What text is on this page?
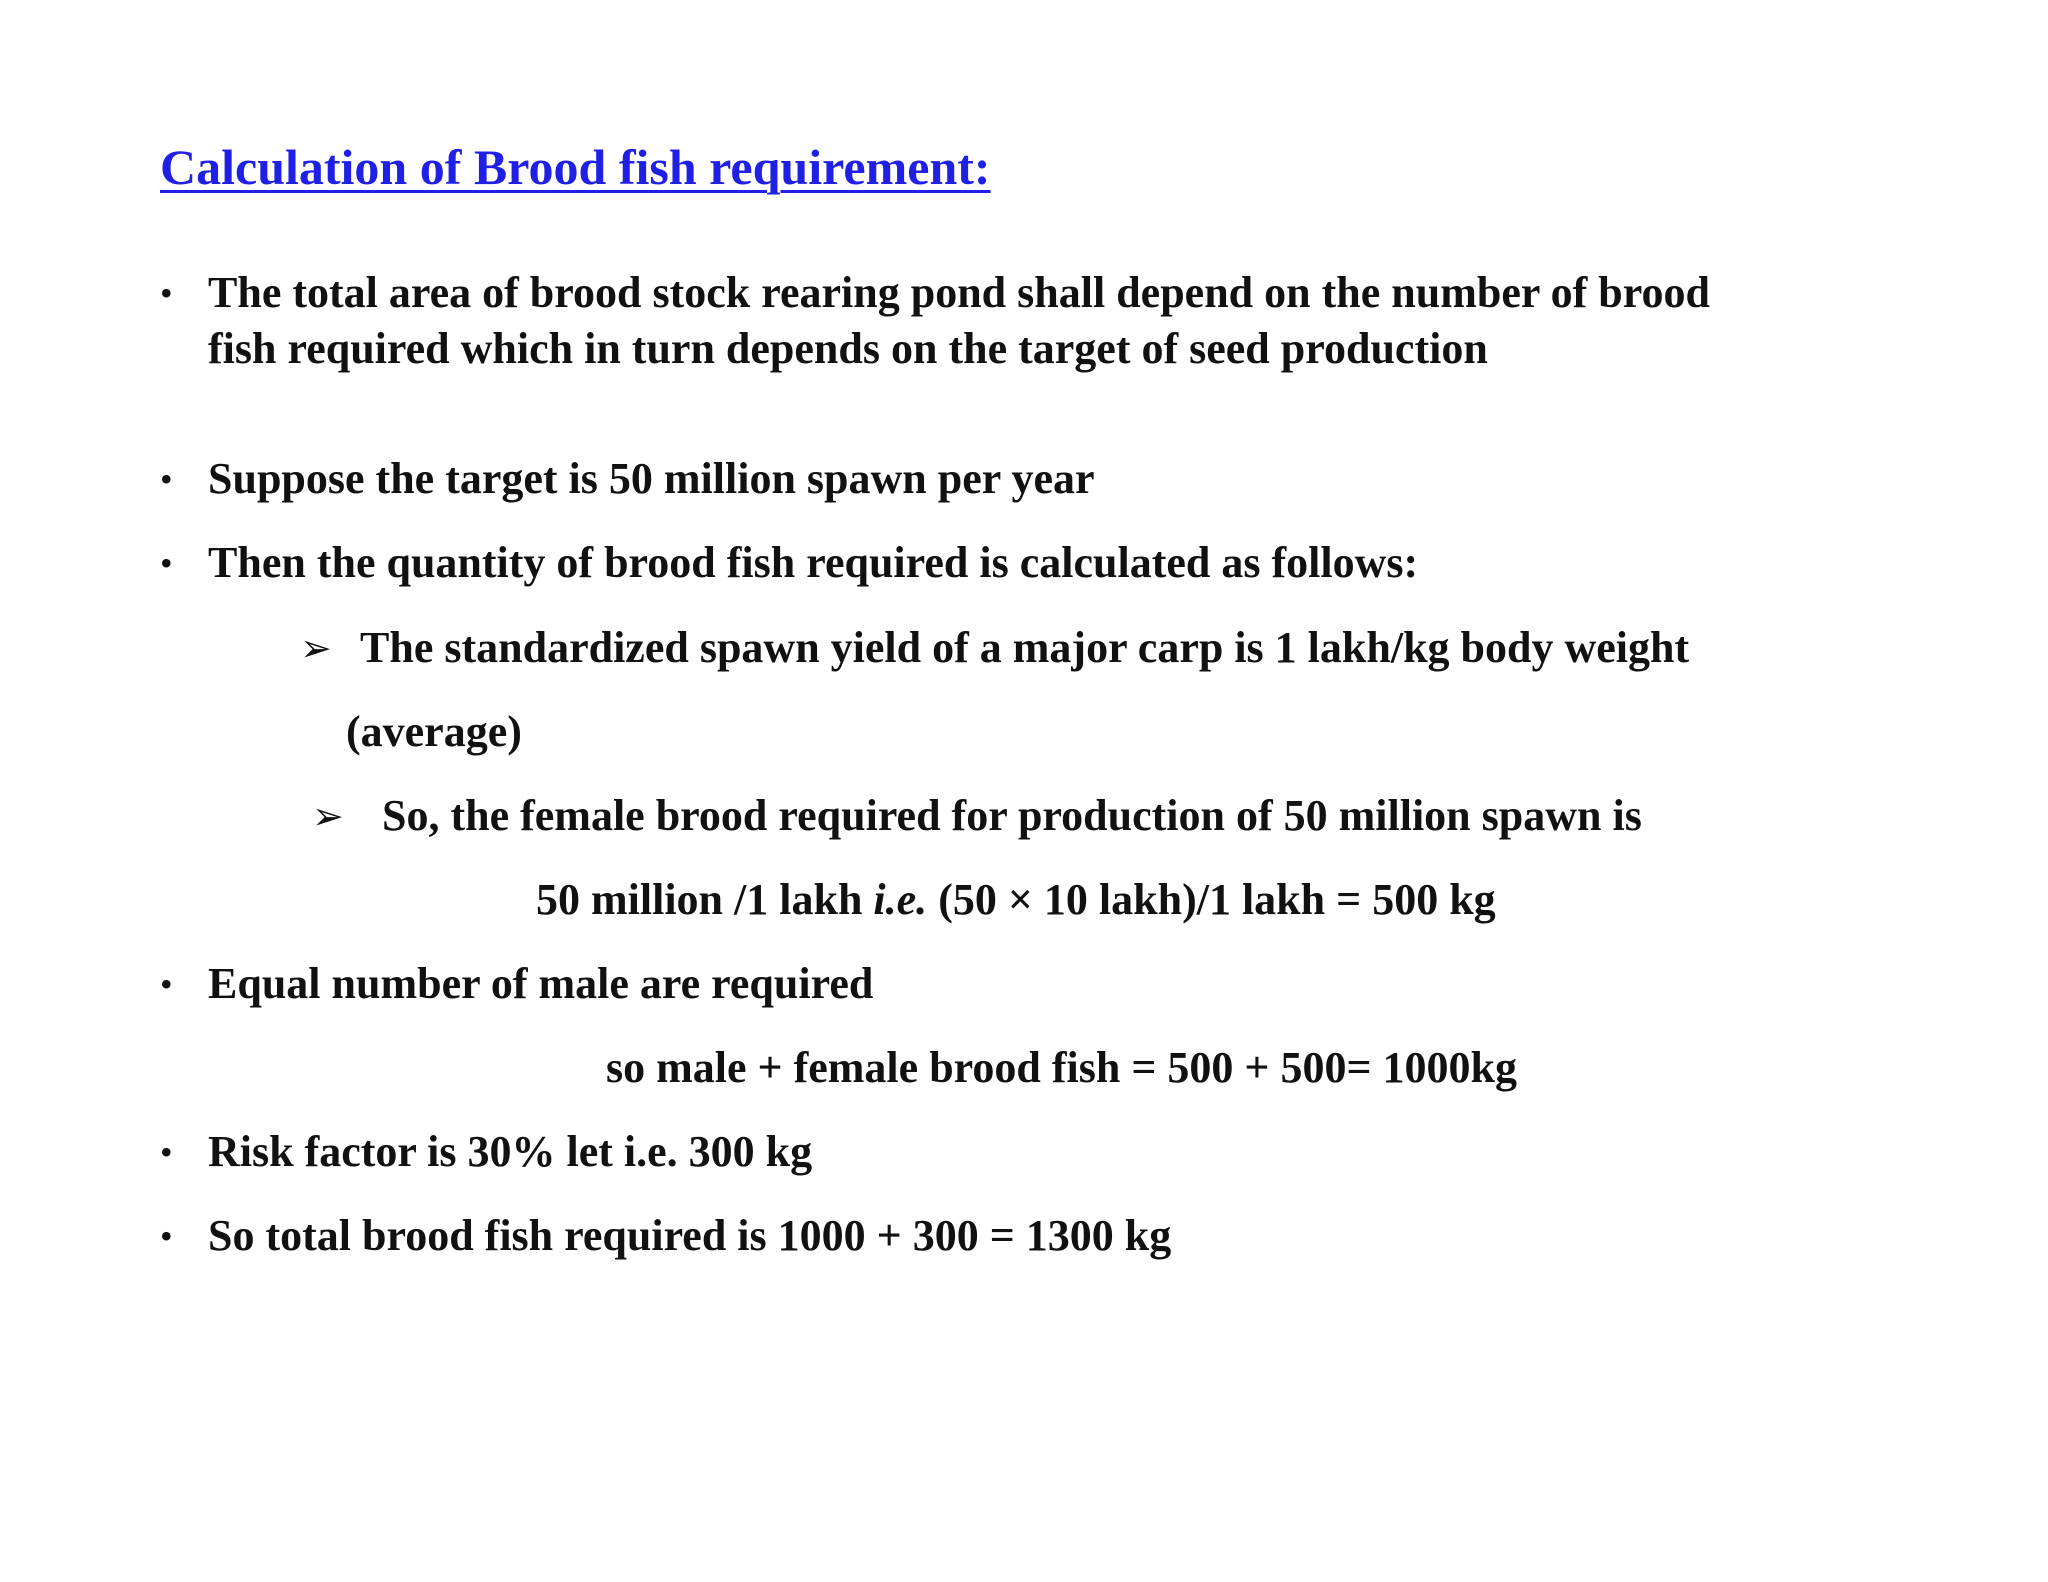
Calculation of Brood fish requirement:
• The total area of brood stock rearing pond shall depend on the number of brood
fish required which in turn depends on the target of seed production
• Suppose the target is 50 million spawn per year
• Then the quantity of brood fish required is calculated as follows:
➢ The standardized spawn yield of a major carp is 1 lakh/kg body weight
(average)
➢ So, the female brood required for production of 50 million spawn is
50 million /1 lakh i.e. (50 × 10 lakh)/1 lakh = 500 kg
• Equal number of male are required
so male + female brood fish = 500 + 500= 1000kg
• Risk factor is 30% let i.e. 300 kg
• So total brood fish required is 1000 + 300 = 1300 kg
